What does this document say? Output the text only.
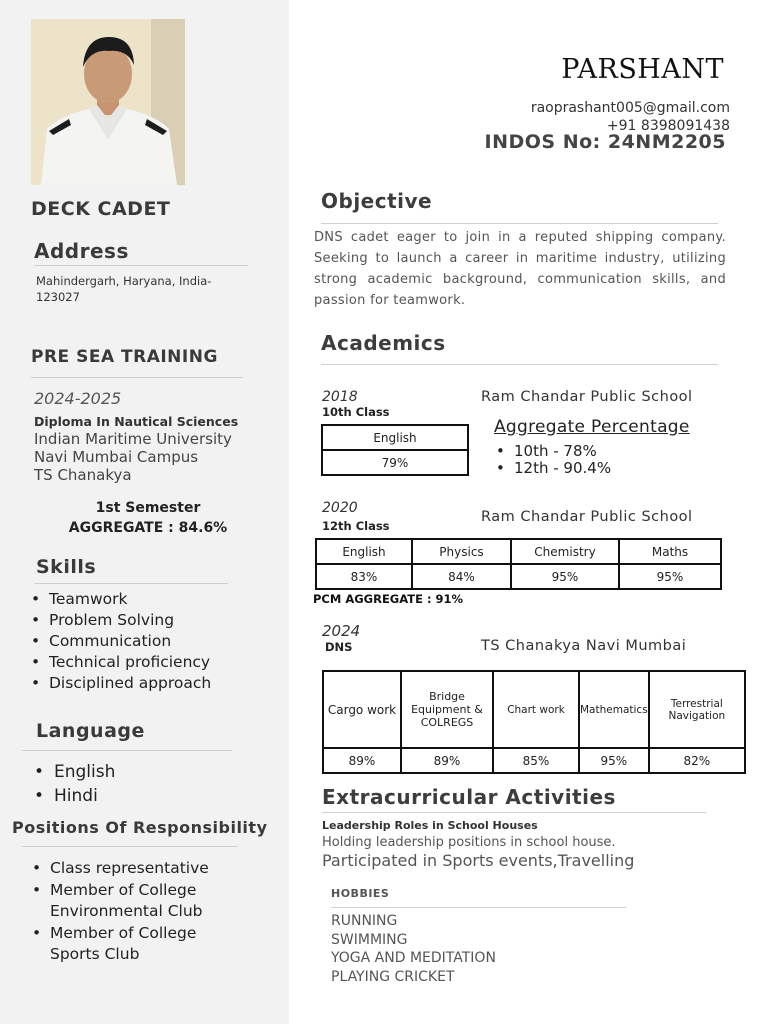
DECK CADET
Address
Mahindergarh, Haryana, India-
123027
PRE SEA TRAINING
2024-2025
Diploma In Nautical Sciences
Indian Maritime University
Navi Mumbai Campus
TS Chanakya
1st Semester
AGGREGATE : 84.6%
Skills
• Teamwork
• Problem Solving
• Communication
• Technical proficiency
• Disciplined approach
Language
• English
• Hindi
Positions Of Responsibility
• Class representative
• Member of College
Environmental Club
• Member of College
Sports Club
PARSHANT
raoprashant005@gmail.com
+91 8398091438
INDOS No: 24NM2205
Objective
DNS cadet eager to join in a reputed shipping company. Seeking to launch a career in maritime industry, utilizing strong academic background, communication skills, and passion for teamwork.
Academics
2018
10th Class
Ram Chandar Public School
English
79%
Aggregate Percentage
• 10th - 78%
• 12th - 90.4%
2020
12th Class
Ram Chandar Public School
English	Physics	Chemistry	Maths
83%	84%	95%	95%
PCM AGGREGATE : 91%
2024
DNS	TS Chanakya Navi Mumbai
Cargo work	Bridge Equipment & COLREGS	Chart work	Mathematics	Terrestrial Navigation
89%	89%	85%	95%	82%
Extracurricular Activities
Leadership Roles in School Houses
Holding leadership positions in school house.
Participated in Sports events,Travelling
HOBBIES
RUNNING
SWIMMING
YOGA AND MEDITATION
PLAYING CRICKET
